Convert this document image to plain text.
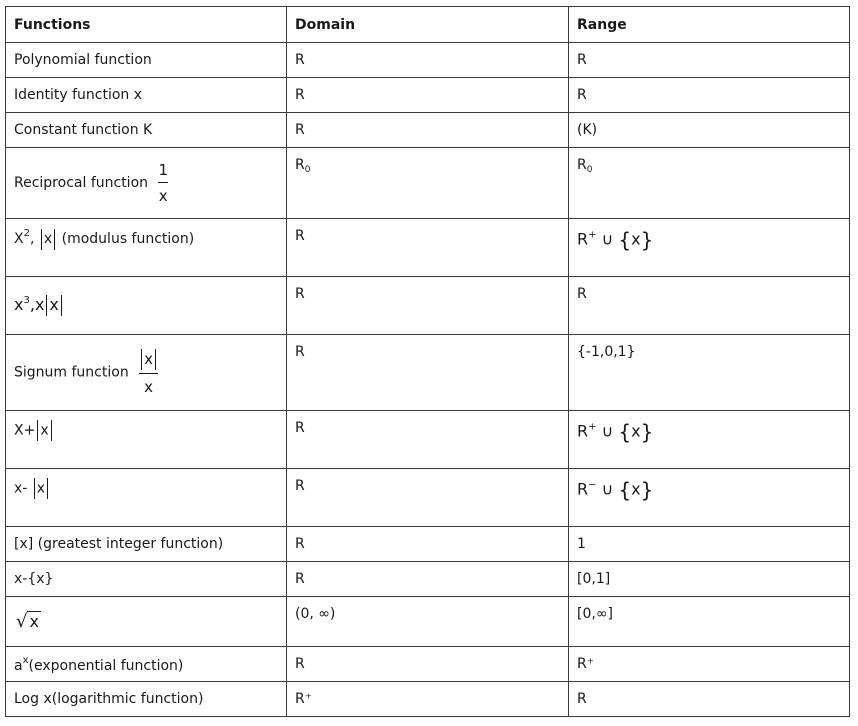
Functions	Domain	Range
Polynomial function	R	R
Identity function x	R	R
Constant function K	R	(K)
Reciprocal function $\frac{1}{x}$	$R_0$	$R_0$
$X^2$, x (modulus function)	R	R+ ∪ {x}
$x^3,x$ x	R	R
Signum function $\frac{x}{x}$	R	{-1,0,1}
X+ x	R	R+ ∪ {x}
x- x	R	R− ∪ {x}
[x] (greatest integer function)	R	1
x-{x}	R	[0,1]
√ x	(0, ∞)	[0,∞]
$a^x(exponential$ function)	R	R⁺
Log x(logarithmic function)	R⁺	R
